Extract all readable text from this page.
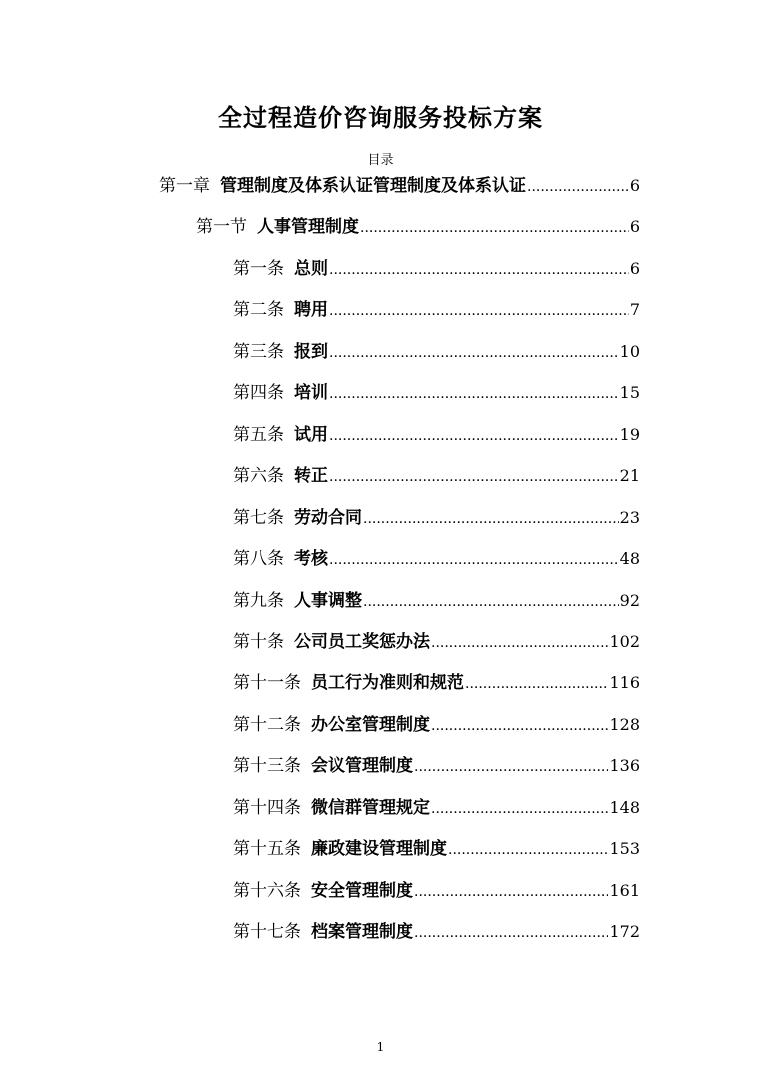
全过程造价咨询服务投标方案
目录
第一章 管理制度及体系认证管理制度及体系认证 .....	6
第一节 人事管理制度 .....	6
第一条 总则 .....	6
第二条 聘用 .....	7
第三条 报到 .....	10
第四条 培训 .....	15
第五条 试用 .....	19
第六条 转正 .....	21
第七条 劳动合同 .....	23
第八条 考核 .....	48
第九条 人事调整 .....	92
第十条 公司员工奖惩办法 .....	102
第十一条 员工行为准则和规范 .....	116
第十二条 办公室管理制度 .....	128
第十三条 会议管理制度 .....	136
第十四条 微信群管理规定 .....	148
第十五条 廉政建设管理制度 .....	153
第十六条 安全管理制度 .....	161
第十七条 档案管理制度 .....	172
1
